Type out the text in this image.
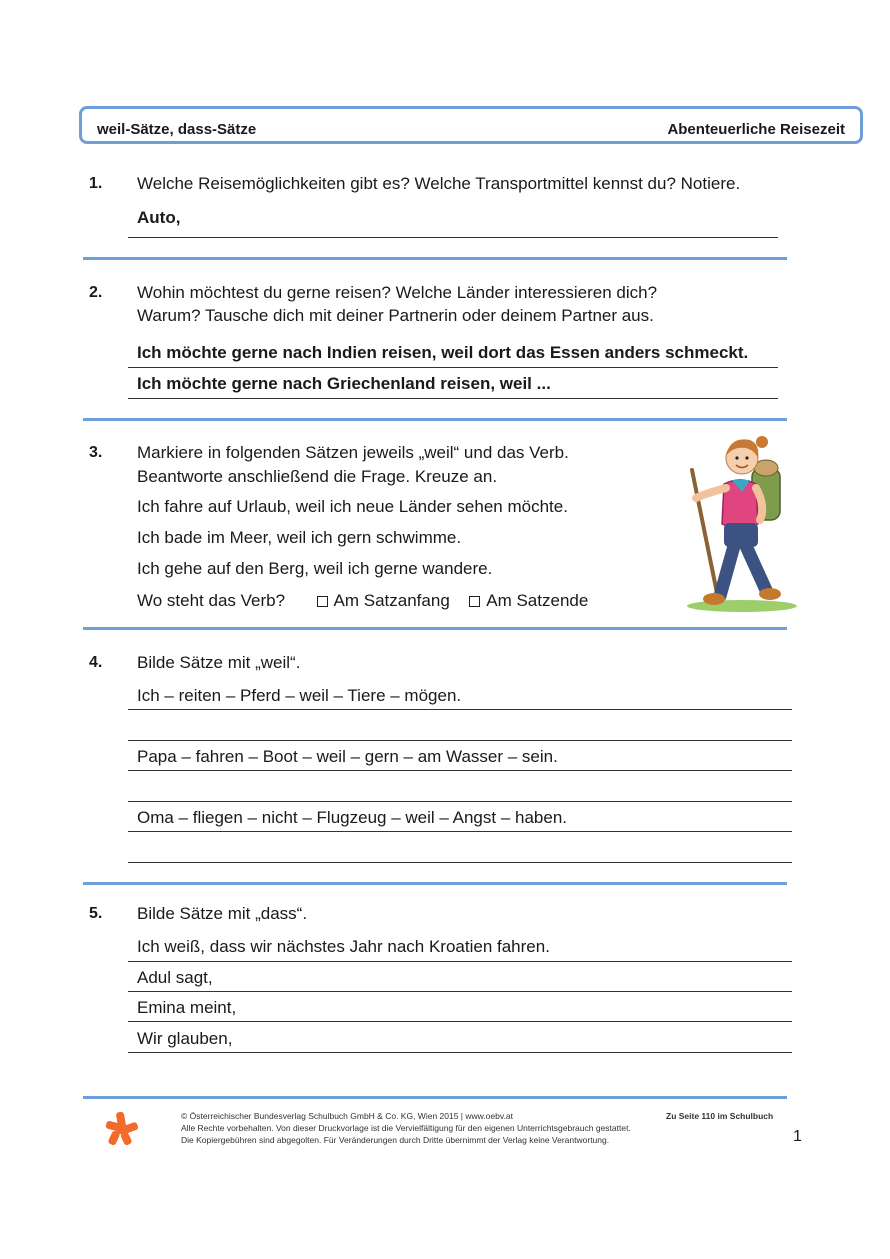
weil-Sätze, dass-Sätze	Abenteuerliche Reisezeit
1. Welche Reisemöglichkeiten gibt es? Welche Transportmittel kennst du? Notiere.
Auto,
2. Wohin möchtest du gerne reisen? Welche Länder interessieren dich?
Warum? Tausche dich mit deiner Partnerin oder deinem Partner aus.
Ich möchte gerne nach Indien reisen, weil dort das Essen anders schmeckt.
Ich möchte gerne nach Griechenland reisen, weil ...
3. Markiere in folgenden Sätzen jeweils „weil“ und das Verb.
Beantworte anschließend die Frage. Kreuze an.
Ich fahre auf Urlaub, weil ich neue Länder sehen möchte.
Ich bade im Meer, weil ich gern schwimme.
Ich gehe auf den Berg, weil ich gerne wandere.
Wo steht das Verb?	Am Satzanfang Am Satzende
4. Bilde Sätze mit „weil“.
Ich – reiten – Pferd – weil – Tiere – mögen.
Papa – fahren – Boot – weil – gern – am Wasser – sein.
Oma – fliegen – nicht – Flugzeug – weil – Angst – haben.
5. Bilde Sätze mit „dass“.
Ich weiß, dass wir nächstes Jahr nach Kroatien fahren.
Adul sagt,
Emina meint,
Wir glauben,
© Österreichischer Bundesverlag Schulbuch GmbH & Co. KG, Wien 2015 | www.oebv.at
Alle Rechte vorbehalten. Von dieser Druckvorlage ist die Vervielfältigung für den eigenen Unterrichtsgebrauch gestattet.
Die Kopiergebühren sind abgegolten. Für Veränderungen durch Dritte übernimmt der Verlag keine Verantwortung.
Zu Seite 110 im Schulbuch
1
